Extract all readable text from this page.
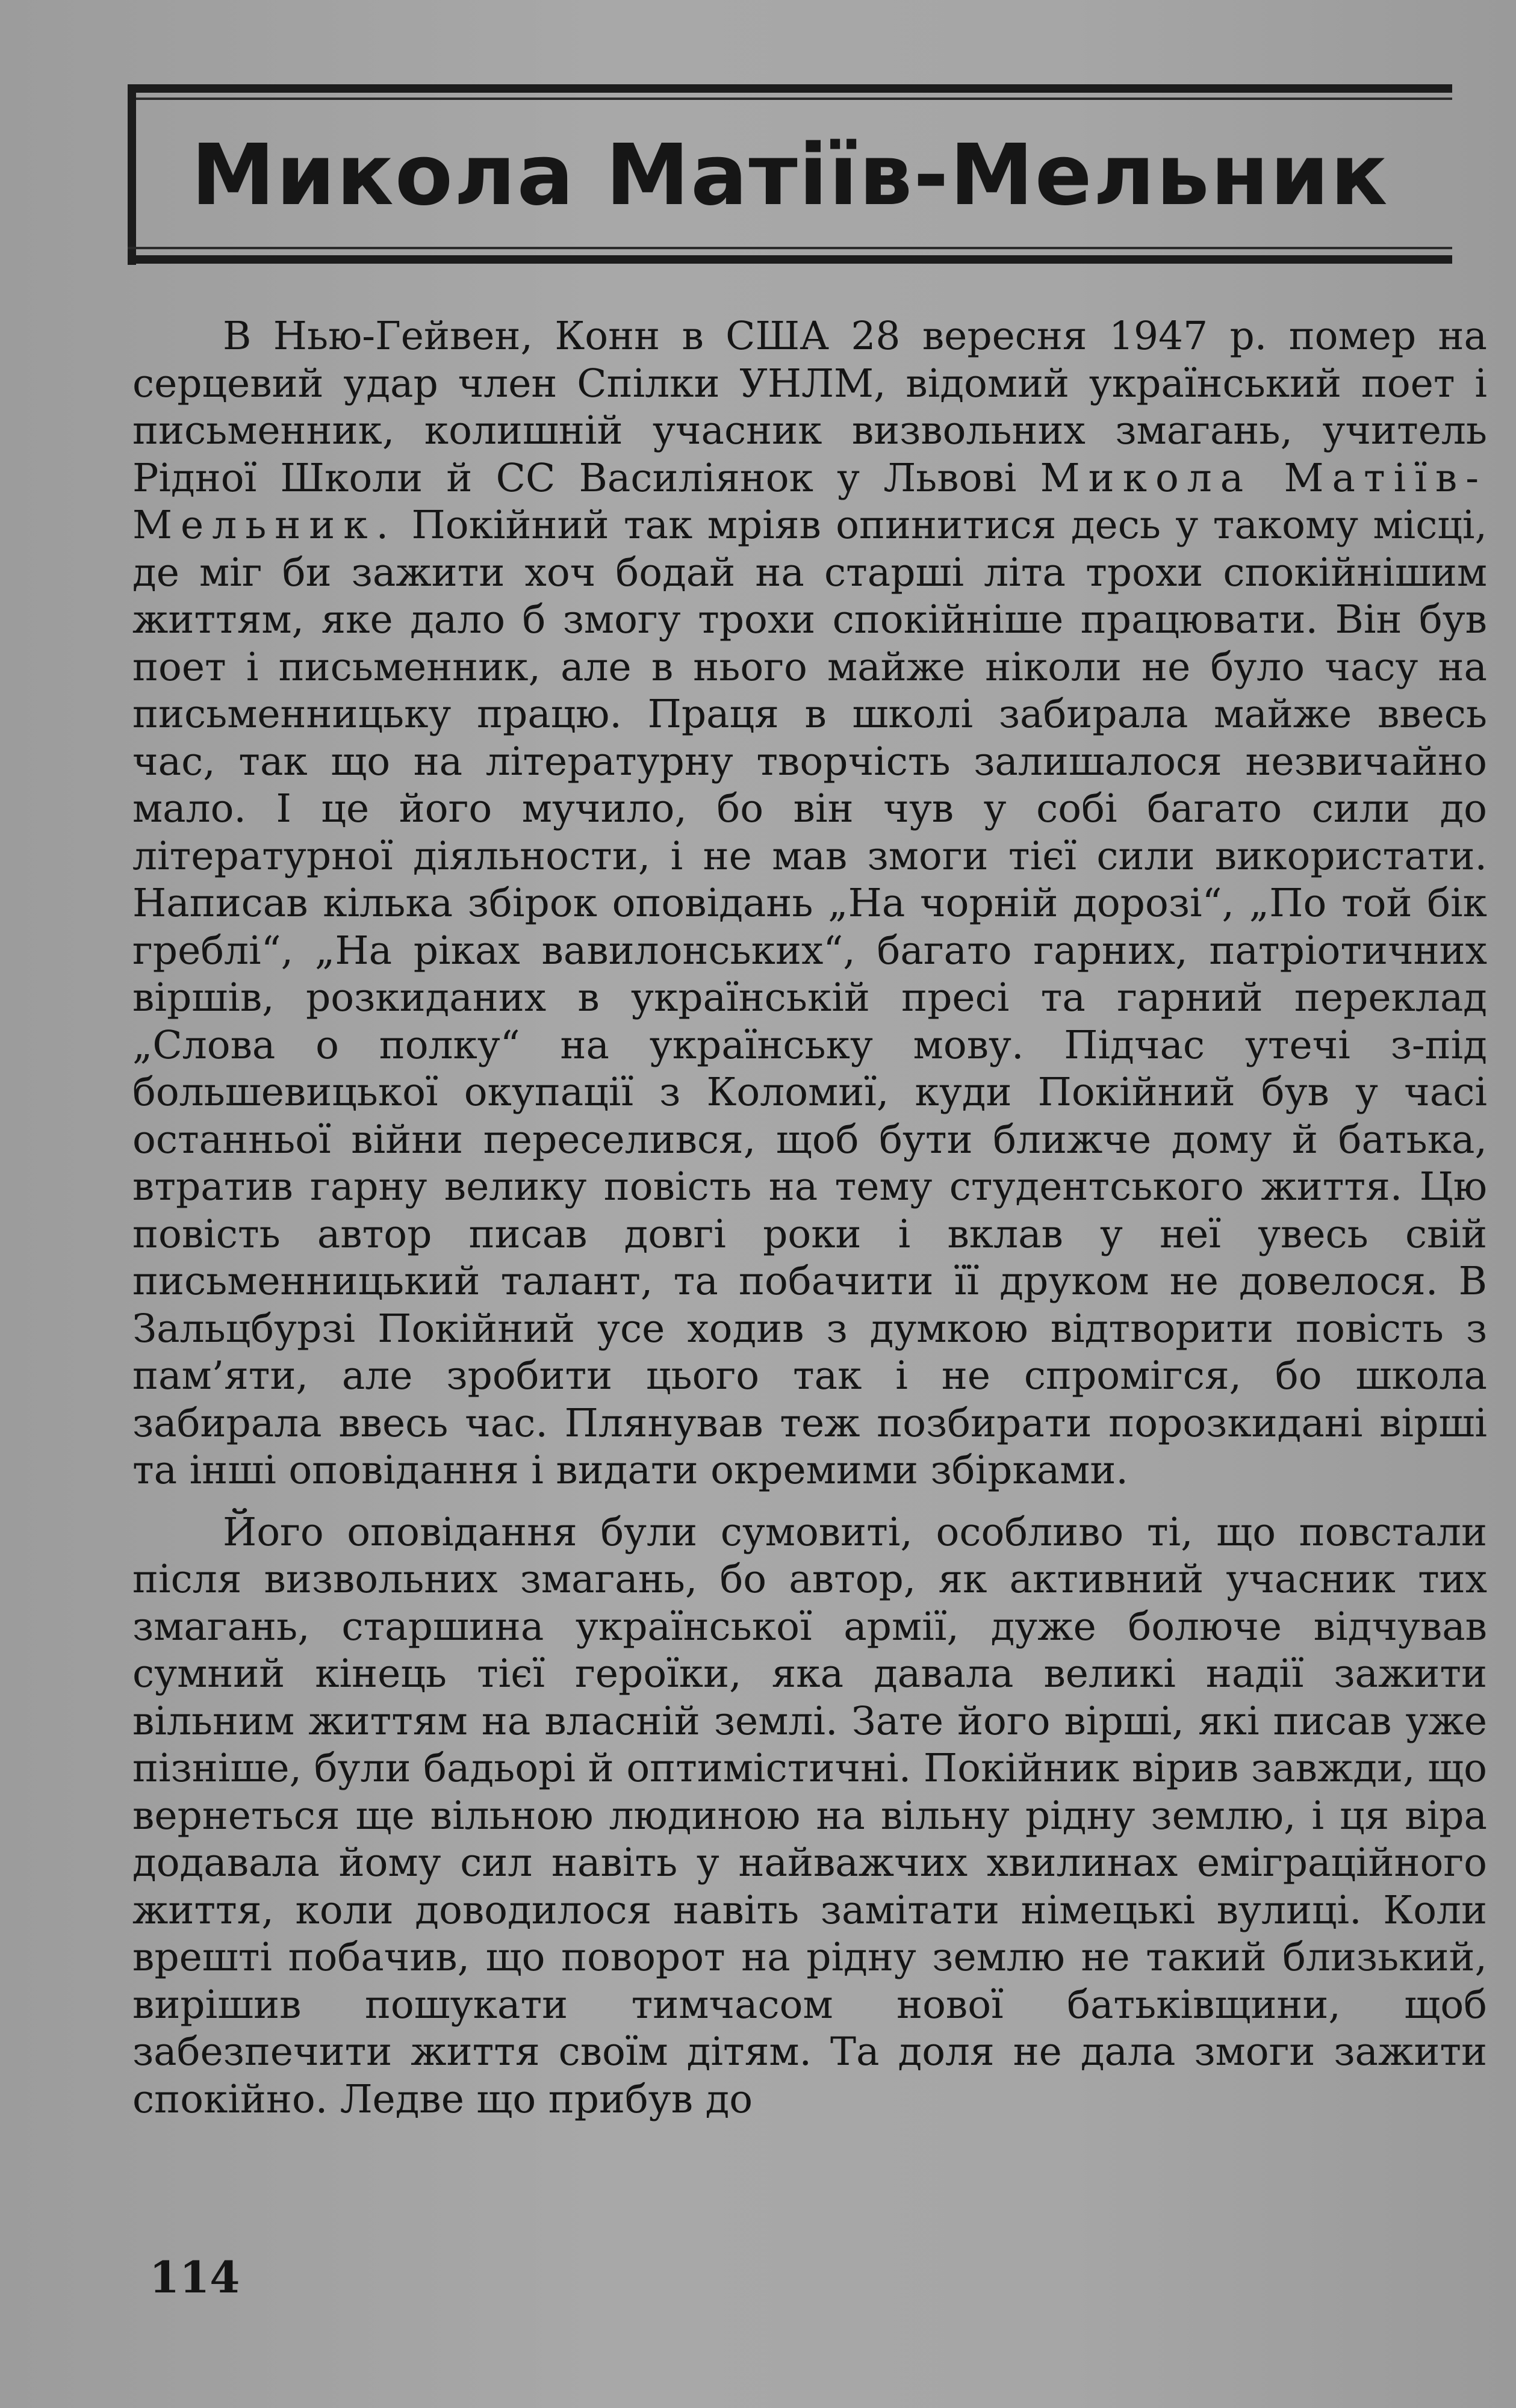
Микола Матіїв-Мельник

В Нью-Гейвен, Конн в США 28 вересня 1947 р. помер на серцевий удар член Спілки УНЛМ, відомий український поет і письменник, колишній учасник визвольних змагань, учитель Рідної Школи й СС Василіянок у Львові Микола Матіїв-Мельник. Покійний так мріяв опинитися десь у такому місці, де міг би зажити хоч бодай на старші літа трохи спокійнішим життям, яке дало б змогу трохи спокійніше працювати. Він був поет і письменник, але в нього майже ніколи не було часу на письменницьку працю. Праця в школі забирала майже ввесь час, так що на літературну творчість залишалося незвичайно мало. І це його мучило, бо він чув у собі багато сили до літературної діяльности, і не мав змоги тієї сили використати. Написав кілька збірок оповідань „На чорній дорозі“, „По той бік греблі“, „На ріках вавилонських“, багато гарних, патріотичних віршів, розкиданих в українській пресі та гарний переклад „Слова о полку“ на українську мову. Підчас утечі з-під большевицької окупації з Коломиї, куди Покійний був у часі останньої війни переселився, щоб бути ближче дому й батька, втратив гарну велику повість на тему студентського життя. Цю повість автор писав довгі роки і вклав у неї увесь свій письменницький талант, та побачити її друком не довелося. В Зальцбурзі Покійний усе ходив з думкою відтворити повість з пам’яти, але зробити цього так і не спромігся, бо школа забирала ввесь час. Плянував теж позбирати порозкидані вірші та інші оповідання і видати окремими збірками.

Його оповідання були сумовиті, особливо ті, що повстали після визвольних змагань, бо автор, як активний учасник тих змагань, старшина української армії, дуже болюче відчував сумний кінець тієї героїки, яка давала великі надії зажити вільним життям на власній землі. Зате його вірші, які писав уже пізніше, були бадьорі й оптимістичні. Покійник вірив завжди, що вернеться ще вільною людиною на вільну рідну землю, і ця віра додавала йому сил навіть у найважчих хвилинах еміграційного життя, коли доводилося навіть замітати німецькі вулиці. Коли врешті побачив, що поворот на рідну землю не такий близький, вирішив пошукати тимчасом нової батьківщини, щоб забезпечити життя своїм дітям. Та доля не дала змоги зажити спокійно. Ледве що прибув до

114
